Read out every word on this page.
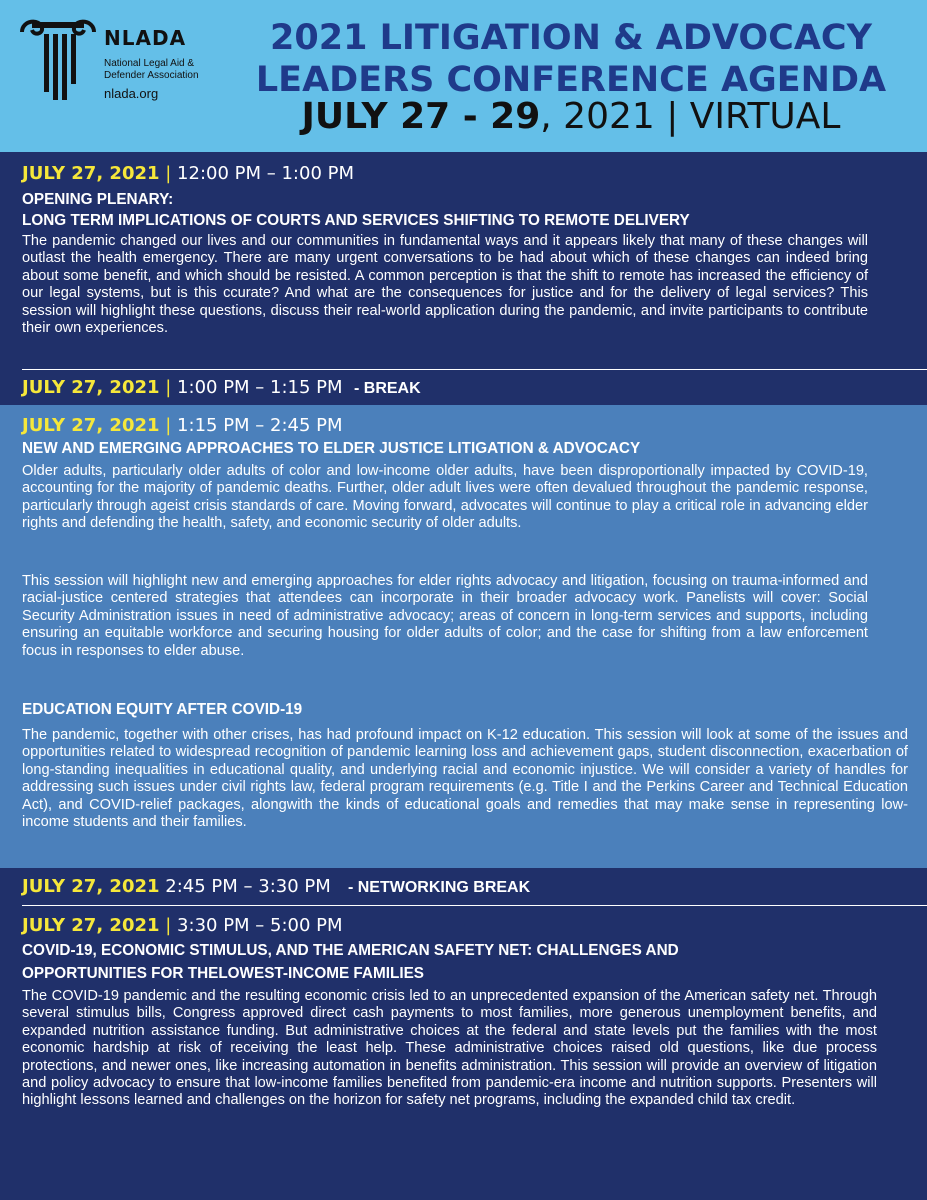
NLADA
National Legal Aid & Defender Association
nlada.org
2021 LITIGATION & ADVOCACY
LEADERS CONFERENCE AGENDA
JULY 27 - 29, 2021 | VIRTUAL
JULY 27, 2021 | 12:00 PM – 1:00 PM
OPENING PLENARY:
LONG TERM IMPLICATIONS OF COURTS AND SERVICES SHIFTING TO REMOTE DELIVERY

The pandemic changed our lives and our communities in fundamental ways and it appears likely that many of these changes will outlast the health emergency. There are many urgent conversations to be had about which of these changes can indeed bring about some benefit, and which should be resisted. A common perception is that the shift to remote has increased the efficiency of our legal systems, but is this ccurate? And what are the consequences for justice and for the delivery of legal services? This session will highlight these questions, discuss their real-world application during the pandemic, and invite participants to contribute their own experiences.

JULY 27, 2021 | 1:00 PM – 1:15 PM - BREAK
JULY 27, 2021 | 1:15 PM – 2:45 PM
NEW AND EMERGING APPROACHES TO ELDER JUSTICE LITIGATION & ADVOCACY

Older adults, particularly older adults of color and low-income older adults, have been disproportionally impacted by COVID-19, accounting for the majority of pandemic deaths. Further, older adult lives were often devalued throughout the pandemic response, particularly through ageist crisis standards of care. Moving forward, advocates will continue to play a critical role in advancing elder rights and defending the health, safety, and economic security of older adults.

This session will highlight new and emerging approaches for elder rights advocacy and litigation, focusing on trauma-informed and racial-justice centered strategies that attendees can incorporate in their broader advocacy work. Panelists will cover: Social Security Administration issues in need of administrative advocacy; areas of concern in long-term services and supports, including ensuring an equitable workforce and securing housing for older adults of color; and the case for shifting from a law enforcement focus in responses to elder abuse.

EDUCATION EQUITY AFTER COVID-19

The pandemic, together with other crises, has had profound impact on K-12 education. This session will look at some of the issues and opportunities related to widespread recognition of pandemic learning loss and achievement gaps, student disconnection, exacerbation of long-standing inequalities in educational quality, and underlying racial and economic injustice. We will consider a variety of handles for addressing such issues under civil rights law, federal program requirements (e.g. Title I and the Perkins Career and Technical Education Act), and COVID-relief packages, alongwith the kinds of educational goals and remedies that may make sense in representing low-income students and their families.

JULY 27, 2021 2:45 PM – 3:30 PM - NETWORKING BREAK
JULY 27, 2021 | 3:30 PM – 5:00 PM
COVID-19, ECONOMIC STIMULUS, AND THE AMERICAN SAFETY NET: CHALLENGES AND
OPPORTUNITIES FOR THELOWEST-INCOME FAMILIES

The COVID-19 pandemic and the resulting economic crisis led to an unprecedented expansion of the American safety net. Through several stimulus bills, Congress approved direct cash payments to most families, more generous unemployment benefits, and expanded nutrition assistance funding. But administrative choices at the federal and state levels put the families with the most economic hardship at risk of receiving the least help. These administrative choices raised old questions, like due process protections, and newer ones, like increasing automation in benefits administration. This session will provide an overview of litigation and policy advocacy to ensure that low-income families benefited from pandemic-era income and nutrition supports. Presenters will highlight lessons learned and challenges on the horizon for safety net programs, including the expanded child tax credit.
